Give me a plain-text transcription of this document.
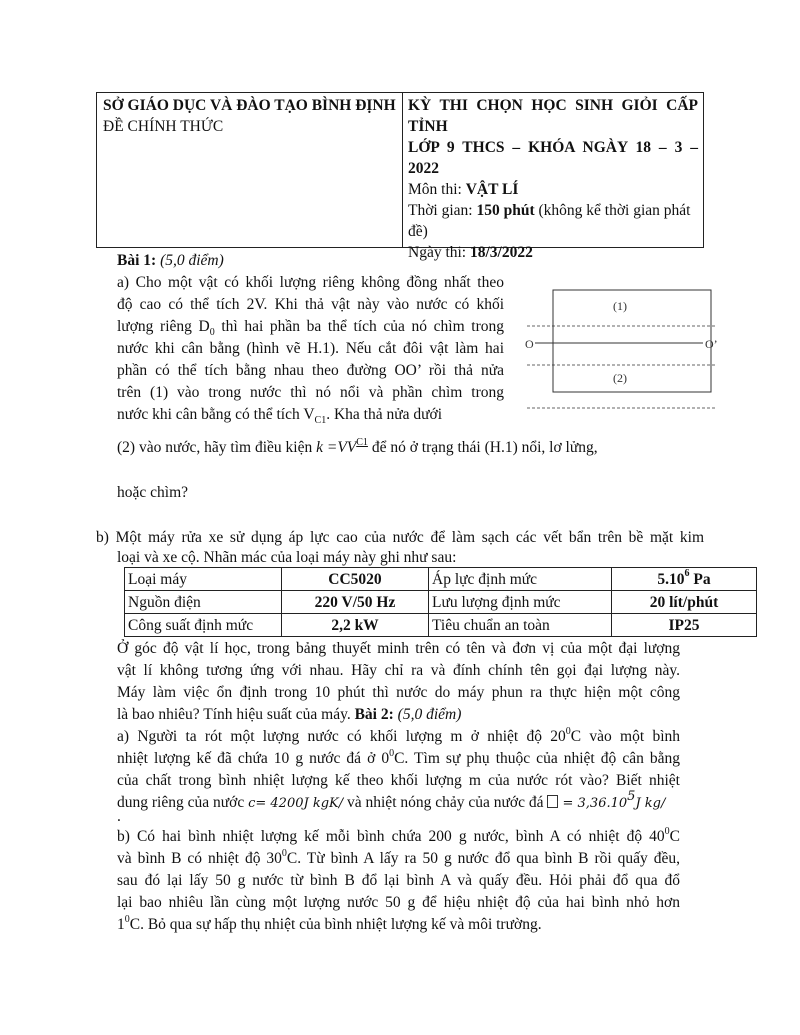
SỞ GIÁO DỤC VÀ ĐÀO TẠO BÌNH ĐỊNH
ĐỀ CHÍNH THỨC
KỲ THI CHỌN HỌC SINH GIỎI CẤP
TỈNH
LỚP 9 THCS – KHÓA NGÀY 18 – 3 –
2022
Môn thi: VẬT LÍ
Thời gian: 150 phút (không kể thời gian phát
đề)
Ngày thi: 18/3/2022
Bài 1: (5,0 điểm)
a) Cho một vật có khối lượng riêng không đồng nhất theo
độ cao có thể tích 2V. Khi thả vật này vào nước có khối
lượng riêng $D_0$ thì hai phần ba thể tích của nó chìm trong
nước khi cân bằng (hình vẽ H.1). Nếu cắt đôi vật làm hai
phần có thể tích bằng nhau theo đường OO’ rồi thả nửa
trên (1) vào trong nước thì nó nổi và phần chìm trong
nước khi cân bằng có thể tích $V_{C1}$. Kha thả nửa dưới
(2) vào nước, hãy tìm điều kiện $k =VV^{C1}$ để nó ở trạng thái (H.1) nổi, lơ lửng,
hoặc chìm?
(1)
(2)
O	O’
b) Một máy rửa xe sử dụng áp lực cao của nước để làm sạch các vết bẩn trên bề mặt kim
loại và xe cộ. Nhãn mác của loại máy này ghi như sau:
Loại máy	CC5020	Áp lực định mức	5.10$^6$ Pa
Nguồn điện	220 V/50 Hz	Lưu lượng định mức	20 lít/phút
Công suất định mức	2,2 kW	Tiêu chuẩn an toàn	IP25
Ở góc độ vật lí học, trong bảng thuyết minh trên có tên và đơn vị của một đại lượng
vật lí không tương ứng với nhau. Hãy chỉ ra và đính chính tên gọi đại lượng này.
Máy làm việc ổn định trong 10 phút thì nước do máy phun ra thực hiện một công
là bao nhiêu? Tính hiệu suất của máy. Bài 2: (5,0 điểm)
a) Người ta rót một lượng nước có khối lượng m ở nhiệt độ $20^0C$ vào một bình
nhiệt lượng kế đã chứa 10 g nước đá ở $0^0C$. Tìm sự phụ thuộc của nhiệt độ cân bằng
của chất trong bình nhiệt lượng kế theo khối lượng m của nước rót vào? Biết nhiệt
dung riêng của nước c= 4200J kgK/ và nhiệt nóng chảy của nước đá  = $3,36.10^5J$ kg/
.
b) Có hai bình nhiệt lượng kế mỗi bình chứa 200 g nước, bình A có nhiệt độ $40^0C$
và bình B có nhiệt độ $30^0C$. Từ bình A lấy ra 50 g nước đổ qua bình B rồi quấy đều,
sau đó lại lấy 50 g nước từ bình B đổ lại bình A và quấy đều. Hỏi phải đổ qua đổ
lại bao nhiêu lần cùng một lượng nước 50 g để hiệu nhiệt độ của hai bình nhỏ hơn
$1^0C$. Bỏ qua sự hấp thụ nhiệt của bình nhiệt lượng kế và môi trường.
